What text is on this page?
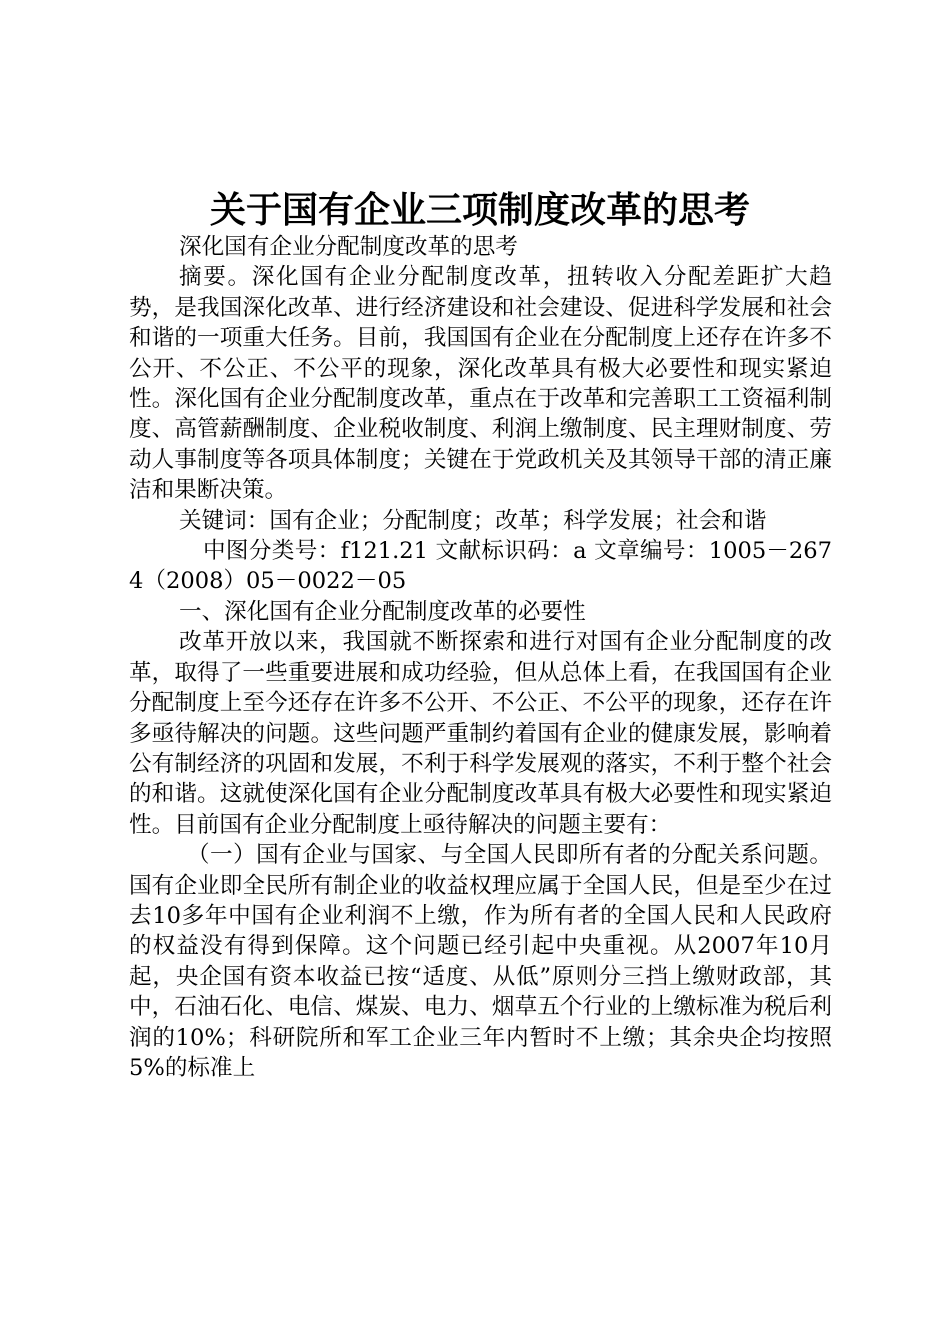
关于国有企业三项制度改革的思考

深化国有企业分配制度改革的思考

摘要。深化国有企业分配制度改革，扭转收入分配差距扩大趋势，是我国深化改革、进行经济建设和社会建设、促进科学发展和社会和谐的一项重大任务。目前，我国国有企业在分配制度上还存在许多不公开、不公正、不公平的现象，深化改革具有极大必要性和现实紧迫性。深化国有企业分配制度改革，重点在于改革和完善职工工资福利制度、高管薪酬制度、企业税收制度、利润上缴制度、民主理财制度、劳动人事制度等各项具体制度；关键在于党政机关及其领导干部的清正廉洁和果断决策。

关键词：国有企业；分配制度；改革；科学发展；社会和谐

中图分类号：f121.21 文献标识码：a 文章编号：1005－2674（2008）05－0022－05

一、深化国有企业分配制度改革的必要性

改革开放以来，我国就不断探索和进行对国有企业分配制度的改革，取得了一些重要进展和成功经验，但从总体上看，在我国国有企业分配制度上至今还存在许多不公开、不公正、不公平的现象，还存在许多亟待解决的问题。这些问题严重制约着国有企业的健康发展，影响着公有制经济的巩固和发展，不利于科学发展观的落实，不利于整个社会的和谐。这就使深化国有企业分配制度改革具有极大必要性和现实紧迫性。目前国有企业分配制度上亟待解决的问题主要有：

（一）国有企业与国家、与全国人民即所有者的分配关系问题。国有企业即全民所有制企业的收益权理应属于全国人民，但是至少在过去10多年中国有企业利润不上缴，作为所有者的全国人民和人民政府的权益没有得到保障。这个问题已经引起中央重视。从2007年10月起，央企国有资本收益已按“适度、从低”原则分三挡上缴财政部，其中，石油石化、电信、煤炭、电力、烟草五个行业的上缴标准为税后利润的10%；科研院所和军工企业三年内暂时不上缴；其余央企均按照5%的标准上
